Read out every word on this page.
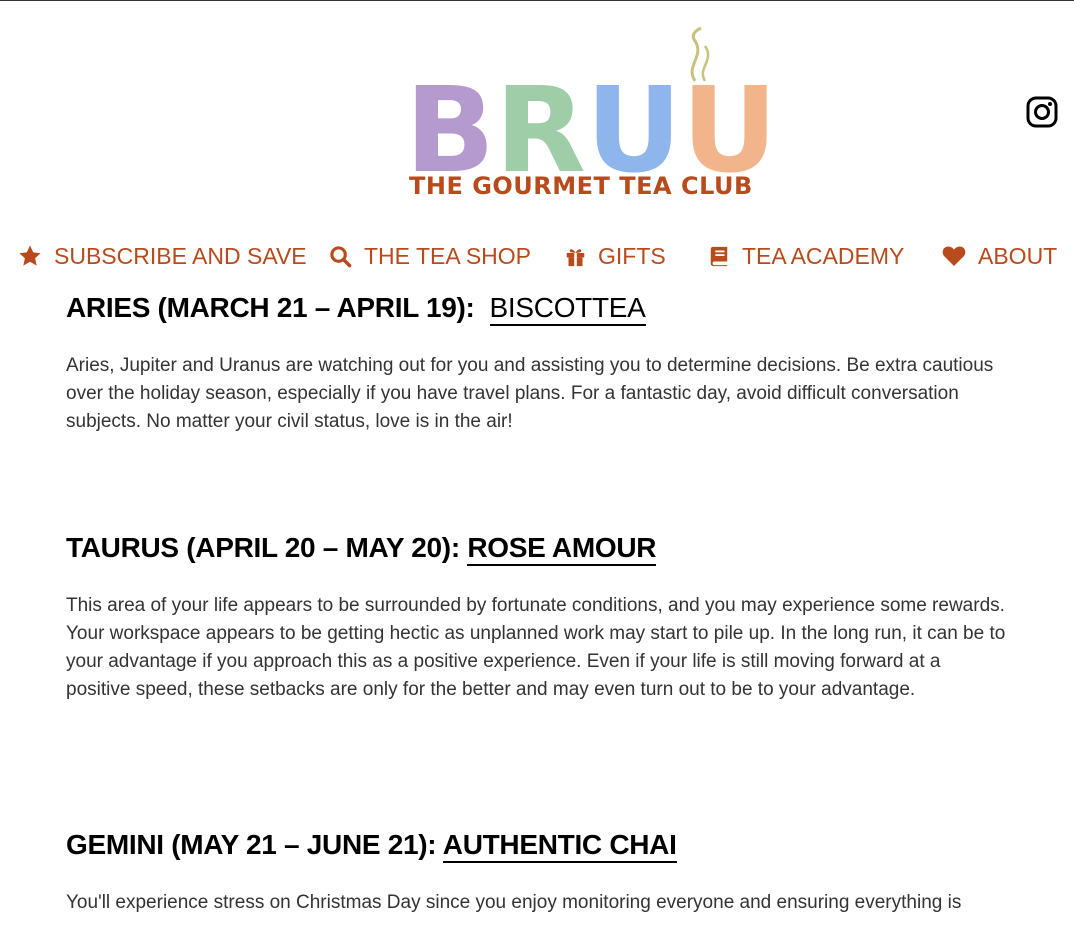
B R U U
THE GOURMET TEA CLUB
SUBSCRIBE AND SAVE THE TEA SHOP	GIFTS	TEA ACADEMY	ABOUT
ARIES (MARCH 21 – APRIL 19): BISCOTTEA

Aries, Jupiter and Uranus are watching out for you and assisting you to determine decisions. Be extra cautious over the holiday season, especially if you have travel plans. For a fantastic day, avoid difficult conversation subjects. No matter your civil status, love is in the air!

TAURUS (APRIL 20 – MAY 20): ROSE AMOUR

This area of your life appears to be surrounded by fortunate conditions, and you may experience some rewards. Your workspace appears to be getting hectic as unplanned work may start to pile up. In the long run, it can be to your advantage if you approach this as a positive experience. Even if your life is still moving forward at a positive speed, these setbacks are only for the better and may even turn out to be to your advantage.

GEMINI (MAY 21 – JUNE 21): AUTHENTIC CHAI

You'll experience stress on Christmas Day since you enjoy monitoring everyone and ensuring everything is
